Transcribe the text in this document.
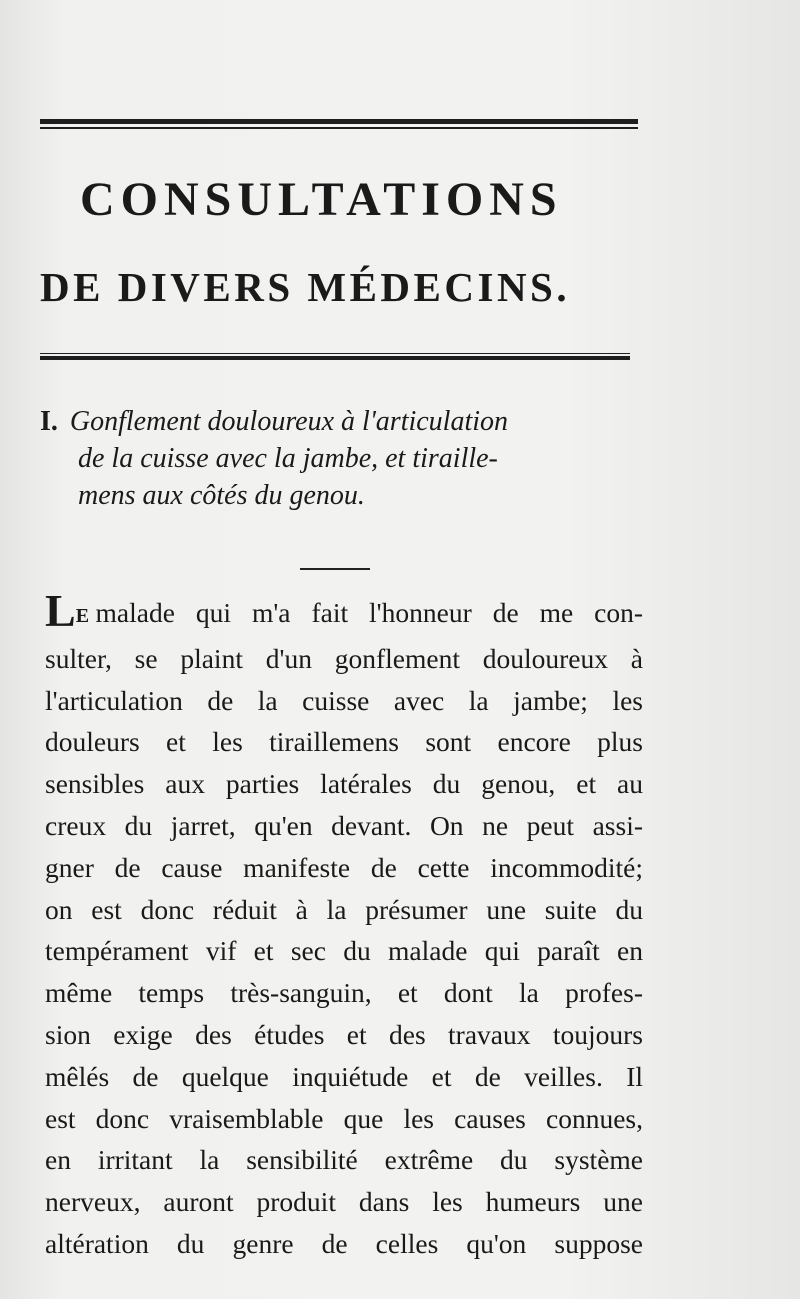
CONSULTATIONS
DE DIVERS MÉDECINS.
I. Gonflement douloureux à l'articulation
de la cuisse avec la jambe, et tiraille-
mens aux côtés du genou.
LE malade qui m'a fait l'honneur de me con-
sulter, se plaint d'un gonflement douloureux à
l'articulation de la cuisse avec la jambe; les
douleurs et les tiraillemens sont encore plus
sensibles aux parties latérales du genou, et au
creux du jarret, qu'en devant. On ne peut assi-
gner de cause manifeste de cette incommodité;
on est donc réduit à la présumer une suite du
tempérament vif et sec du malade qui paraît en
même temps très-sanguin, et dont la profes-
sion exige des études et des travaux toujours
mêlés de quelque inquiétude et de veilles. Il
est donc vraisemblable que les causes connues,
en irritant la sensibilité extrême du système
nerveux, auront produit dans les humeurs une
altération du genre de celles qu'on suppose
